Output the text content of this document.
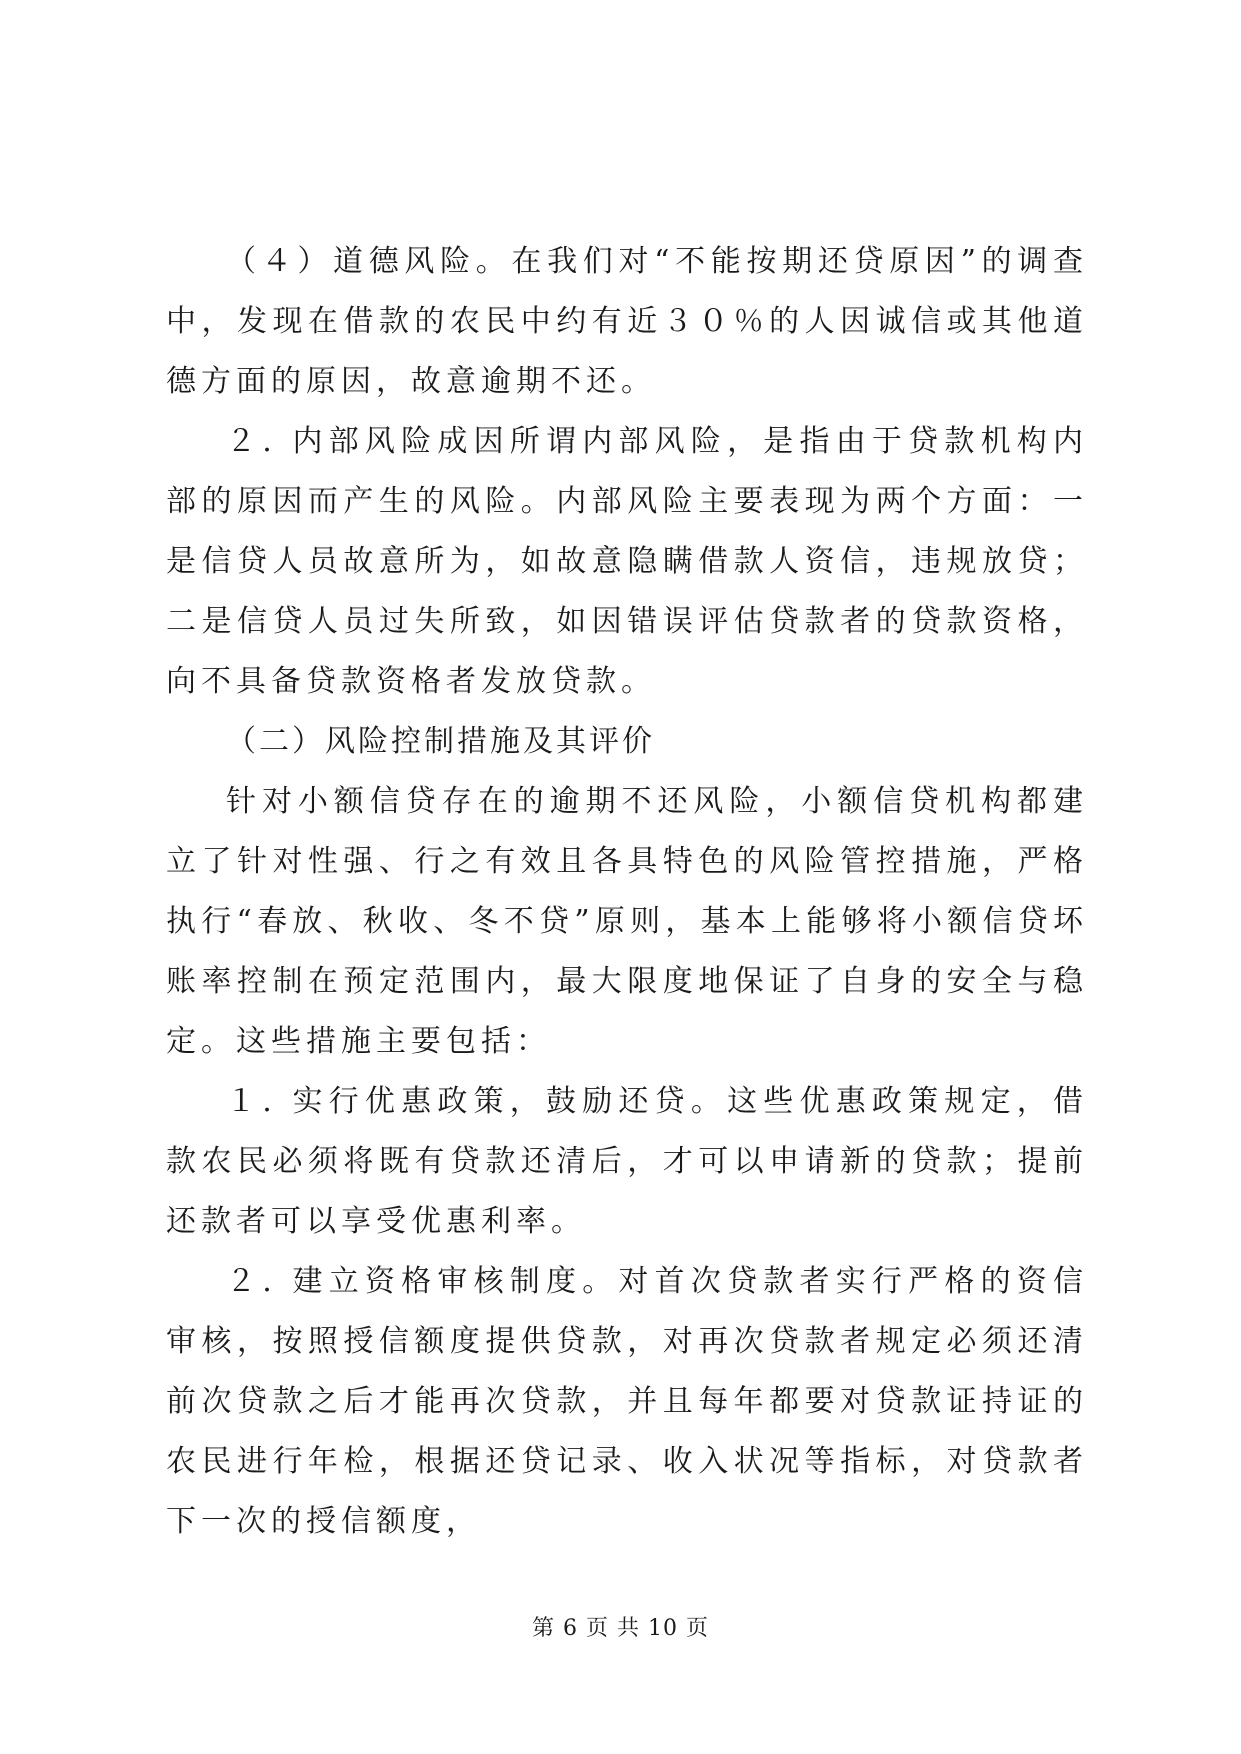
（４）道德风险。在我们对“不能按期还贷原因”的调查中，发现在借款的农民中约有近３０％的人因诚信或其他道德方面的原因，故意逾期不还。

２. 内部风险成因所谓内部风险，是指由于贷款机构内部的原因而产生的风险。内部风险主要表现为两个方面：一是信贷人员故意所为，如故意隐瞒借款人资信，违规放贷；二是信贷人员过失所致，如因错误评估贷款者的贷款资格，向不具备贷款资格者发放贷款。

（二）风险控制措施及其评价

针对小额信贷存在的逾期不还风险，小额信贷机构都建立了针对性强、行之有效且各具特色的风险管控措施，严格执行“春放、秋收、冬不贷”原则，基本上能够将小额信贷坏账率控制在预定范围内，最大限度地保证了自身的安全与稳定。这些措施主要包括：

１. 实行优惠政策，鼓励还贷。这些优惠政策规定，借款农民必须将既有贷款还清后，才可以申请新的贷款；提前还款者可以享受优惠利率。

２. 建立资格审核制度。对首次贷款者实行严格的资信审核，按照授信额度提供贷款，对再次贷款者规定必须还清前次贷款之后才能再次贷款，并且每年都要对贷款证持证的农民进行年检，根据还贷记录、收入状况等指标，对贷款者下一次的授信额度，

第 6 页 共 10 页
